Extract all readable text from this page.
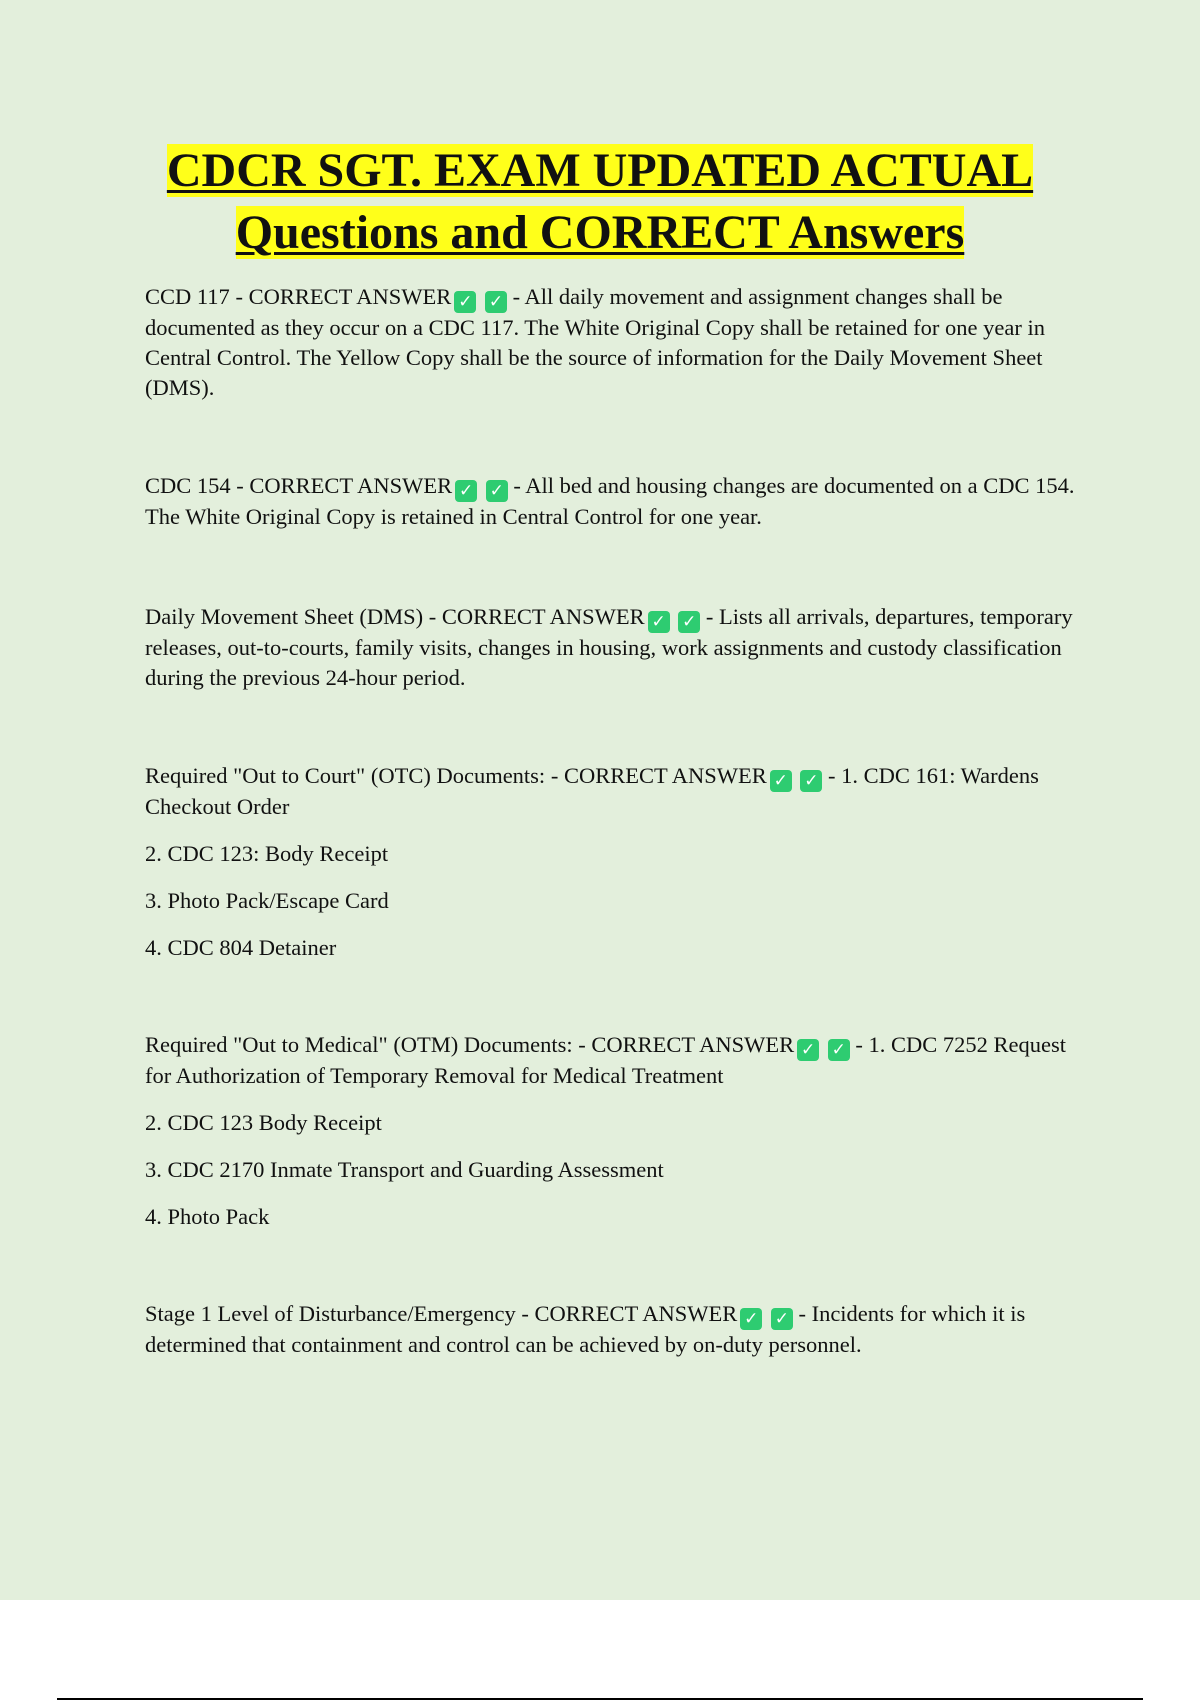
CDCR SGT. EXAM UPDATED ACTUAL
Questions and CORRECT Answers

CCD 117 - CORRECT ANSWER ✓ ✓ - All daily movement and assignment changes shall be documented as they occur on a CDC 117. The White Original Copy shall be retained for one year in Central Control. The Yellow Copy shall be the source of information for the Daily Movement Sheet (DMS).

CDC 154 - CORRECT ANSWER ✓ ✓ - All bed and housing changes are documented on a CDC 154. The White Original Copy is retained in Central Control for one year.

Daily Movement Sheet (DMS) - CORRECT ANSWER ✓ ✓ - Lists all arrivals, departures, temporary releases, out-to-courts, family visits, changes in housing, work assignments and custody classification during the previous 24-hour period.

Required "Out to Court" (OTC) Documents: - CORRECT ANSWER ✓ ✓ - 1. CDC 161: Wardens Checkout Order

2. CDC 123: Body Receipt

3. Photo Pack/Escape Card

4. CDC 804 Detainer

Required "Out to Medical" (OTM) Documents: - CORRECT ANSWER ✓ ✓ - 1. CDC 7252 Request for Authorization of Temporary Removal for Medical Treatment

2. CDC 123 Body Receipt

3. CDC 2170 Inmate Transport and Guarding Assessment

4. Photo Pack

Stage 1 Level of Disturbance/Emergency - CORRECT ANSWER ✓ ✓ - Incidents for which it is determined that containment and control can be achieved by on-duty personnel.
